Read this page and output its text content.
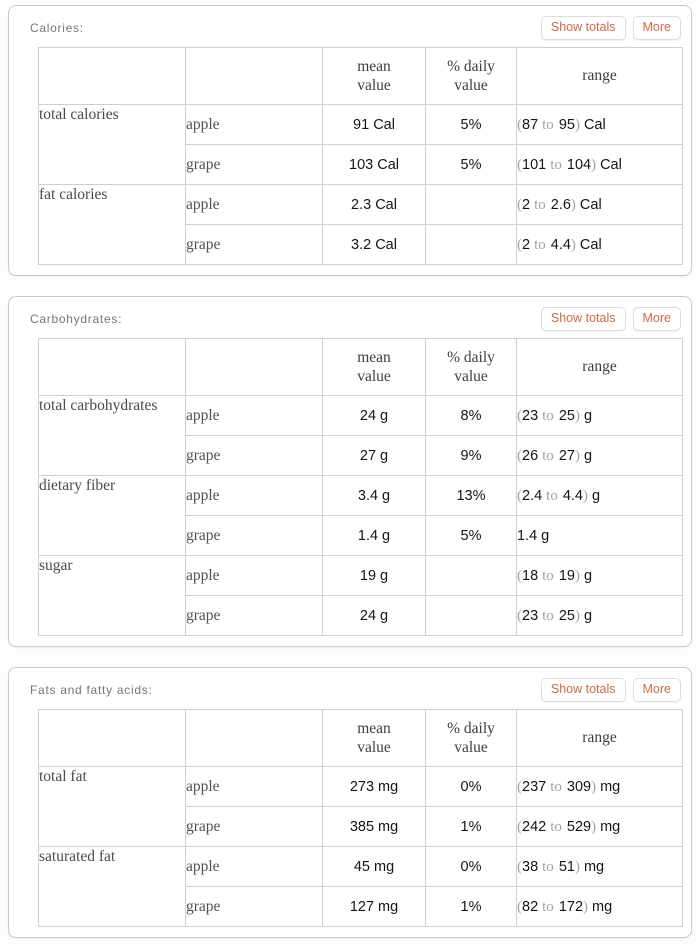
Calories:	Show totals	More
		mean value	% daily value	range
total calories	apple	91 Cal	5%	(87 to 95) Cal
	grape	103 Cal	5%	(101 to 104) Cal
fat calories	apple	2.3 Cal		(2 to 2.6) Cal
	grape	3.2 Cal		(2 to 4.4) Cal
Carbohydrates:	Show totals	More
		mean value	% daily value	range
total carbohydrates	apple	24 g	8%	(23 to 25) g
	grape	27 g	9%	(26 to 27) g
dietary fiber	apple	3.4 g	13%	(2.4 to 4.4) g
	grape	1.4 g	5%	1.4 g
sugar	apple	19 g		(18 to 19) g
	grape	24 g		(23 to 25) g
Fats and fatty acids:	Show totals	More
		mean value	% daily value	range
total fat	apple	273 mg	0%	(237 to 309) mg
	grape	385 mg	1%	(242 to 529) mg
saturated fat	apple	45 mg	0%	(38 to 51) mg
	grape	127 mg	1%	(82 to 172) mg
